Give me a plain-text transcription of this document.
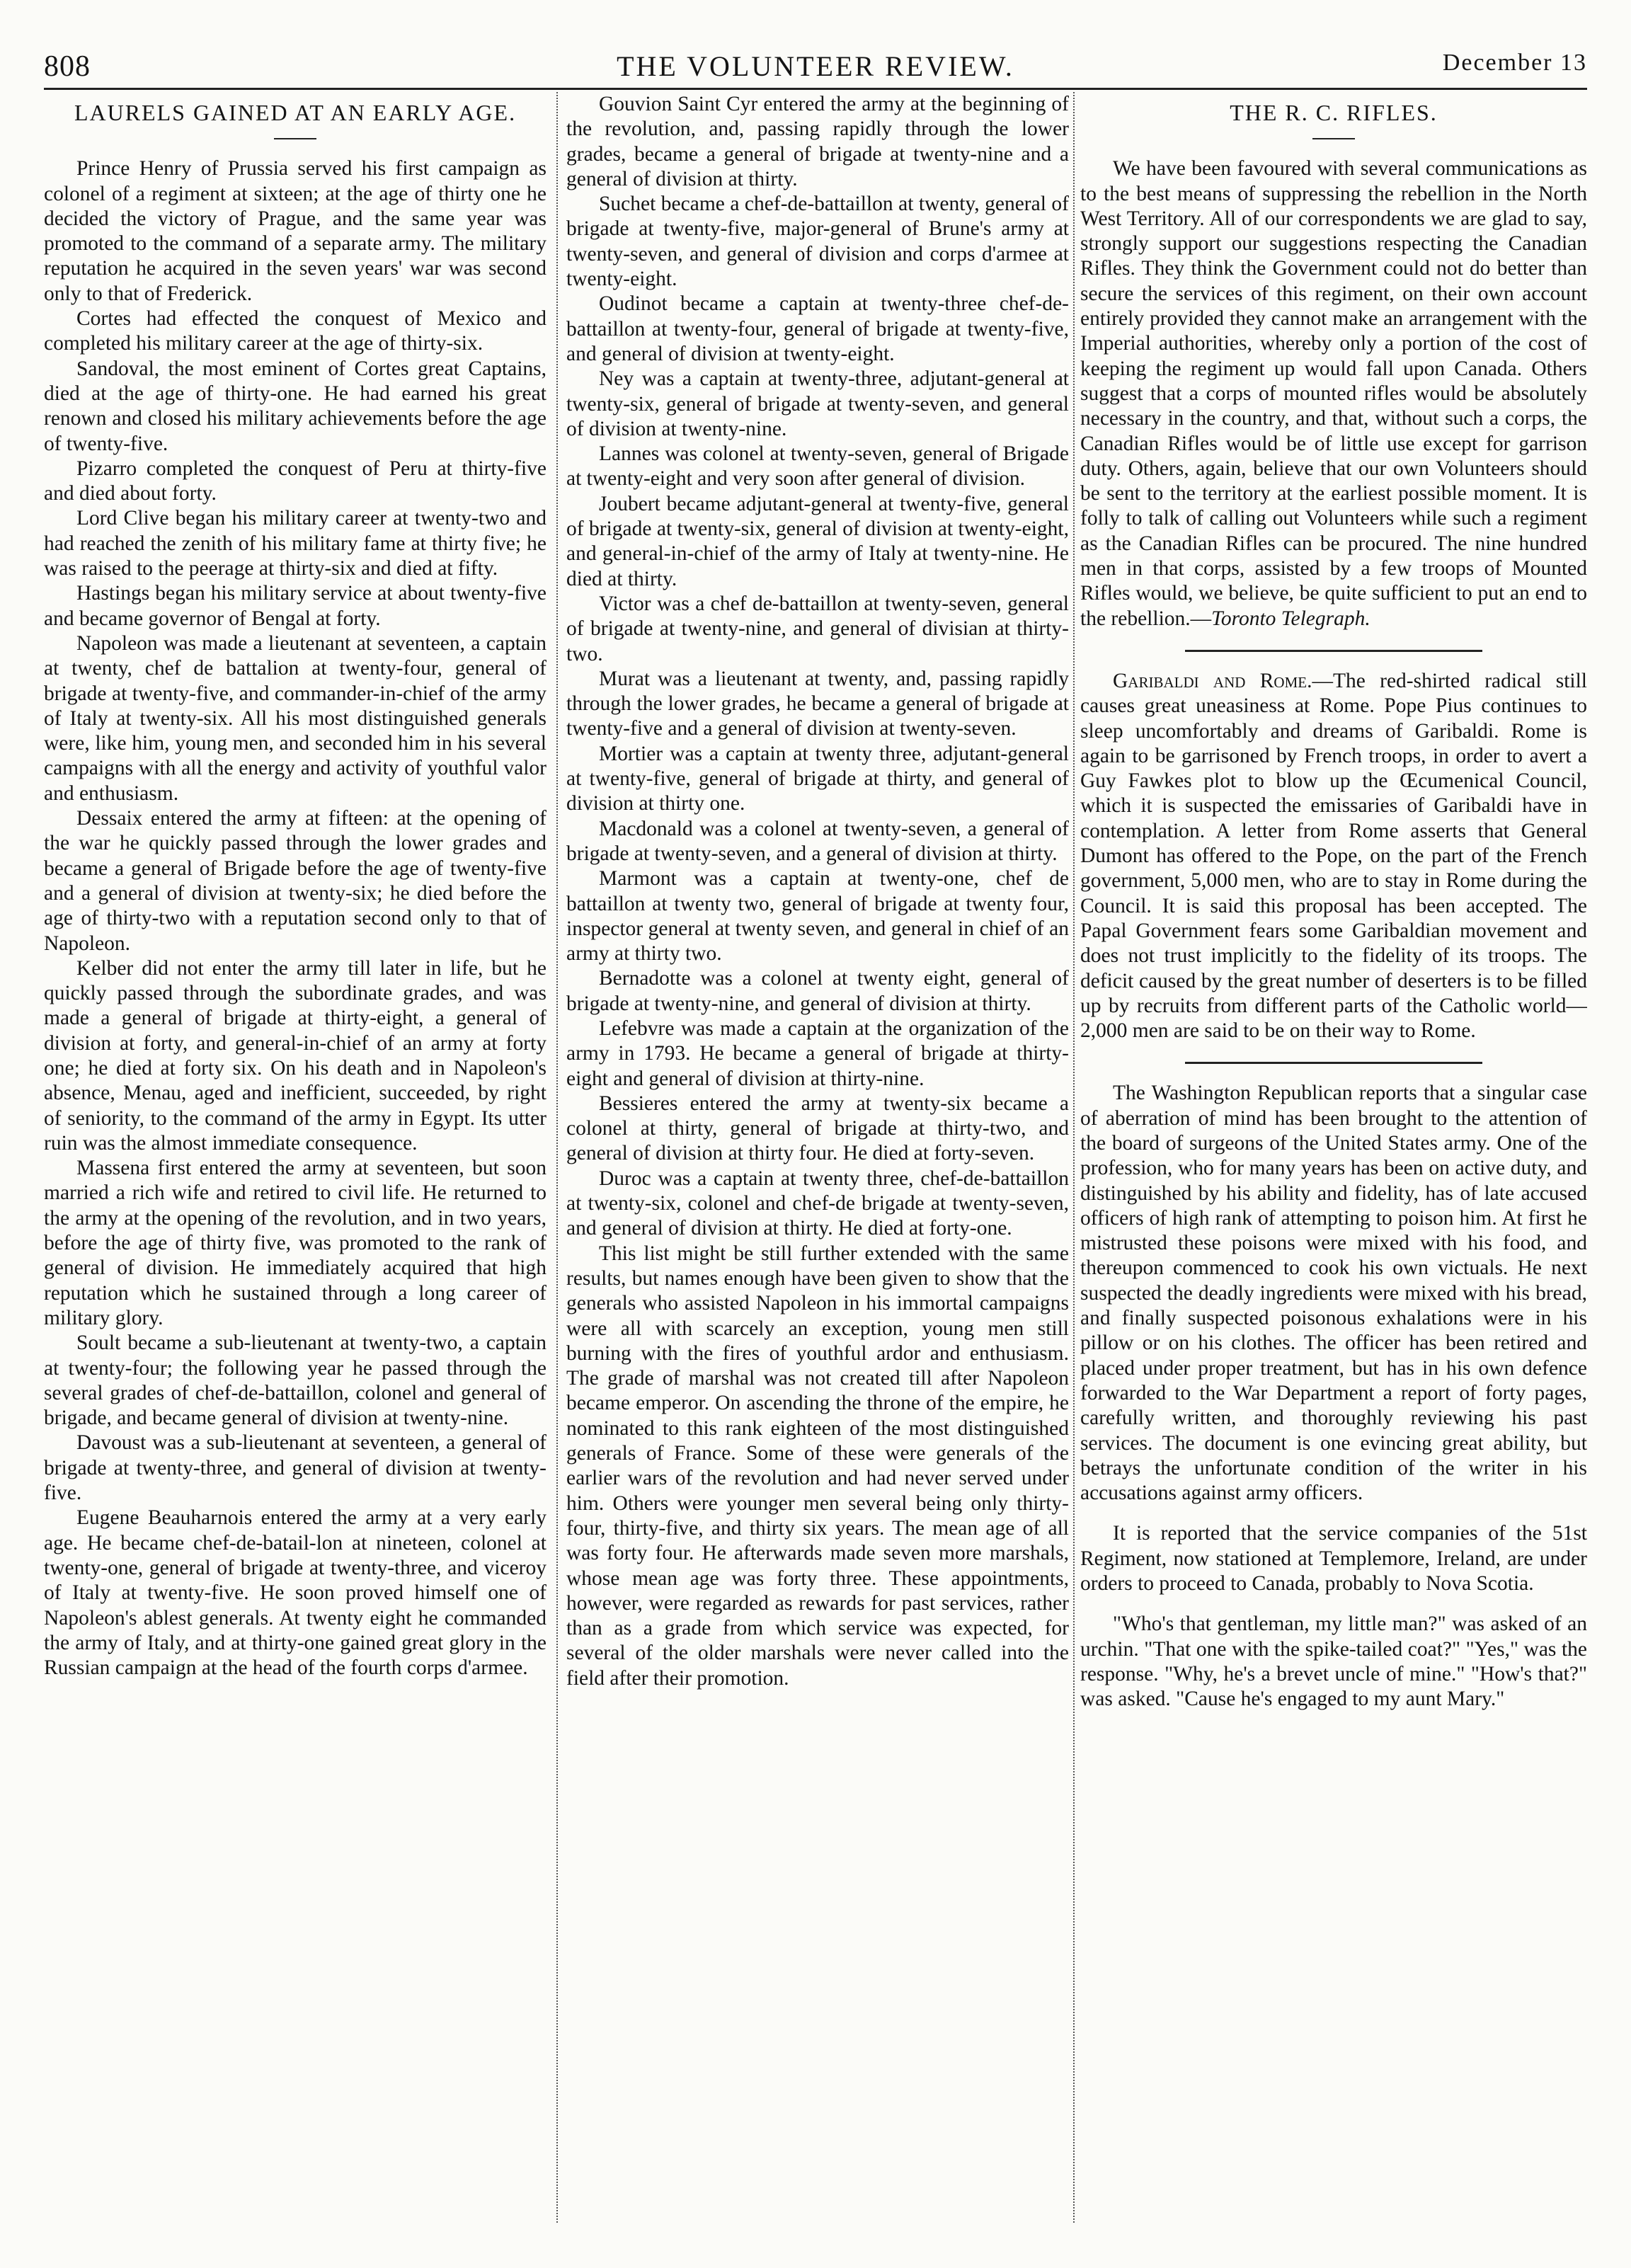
808	THE VOLUNTEER REVIEW.	December 13
LAURELS GAINED AT AN EARLY AGE.

Prince Henry of Prussia served his first campaign as colonel of a regiment at sixteen; at the age of thirty one he decided the victory of Prague, and the same year was promoted to the command of a separate army. The military reputation he acquired in the seven years' war was second only to that of Frederick.

Cortes had effected the conquest of Mexico and completed his military career at the age of thirty-six.

Sandoval, the most eminent of Cortes great Captains, died at the age of thirty-one. He had earned his great renown and closed his military achievements before the age of twenty-five.

Pizarro completed the conquest of Peru at thirty-five and died about forty.

Lord Clive began his military career at twenty-two and had reached the zenith of his military fame at thirty five; he was raised to the peerage at thirty-six and died at fifty.

Hastings began his military service at about twenty-five and became governor of Bengal at forty.

Napoleon was made a lieutenant at seventeen, a captain at twenty, chef de battalion at twenty-four, general of brigade at twenty-five, and commander-in-chief of the army of Italy at twenty-six. All his most distinguished generals were, like him, young men, and seconded him in his several campaigns with all the energy and activity of youthful valor and enthusiasm.

Dessaix entered the army at fifteen: at the opening of the war he quickly passed through the lower grades and became a general of Brigade before the age of twenty-five and a general of division at twenty-six; he died before the age of thirty-two with a reputation second only to that of Napoleon.

Kelber did not enter the army till later in life, but he quickly passed through the subordinate grades, and was made a general of brigade at thirty-eight, a general of division at forty, and general-in-chief of an army at forty one; he died at forty six. On his death and in Napoleon's absence, Menau, aged and inefficient, succeeded, by right of seniority, to the command of the army in Egypt. Its utter ruin was the almost immediate consequence.

Massena first entered the army at seventeen, but soon married a rich wife and retired to civil life. He returned to the army at the opening of the revolution, and in two years, before the age of thirty five, was promoted to the rank of general of division. He immediately acquired that high reputation which he sustained through a long career of military glory.

Soult became a sub-lieutenant at twenty-two, a captain at twenty-four; the following year he passed through the several grades of chef-de-battaillon, colonel and general of brigade, and became general of division at twenty-nine.

Davoust was a sub-lieutenant at seventeen, a general of brigade at twenty-three, and general of division at twenty-five.

Eugene Beauharnois entered the army at a very early age. He became chef-de-batail-lon at nineteen, colonel at twenty-one, general of brigade at twenty-three, and viceroy of Italy at twenty-five. He soon proved himself one of Napoleon's ablest generals. At twenty eight he commanded the army of Italy, and at thirty-one gained great glory in the Russian campaign at the head of the fourth corps d'armee.

Gouvion Saint Cyr entered the army at the beginning of the revolution, and, passing rapidly through the lower grades, became a general of brigade at twenty-nine and a general of division at thirty.

Suchet became a chef-de-battaillon at twenty, general of brigade at twenty-five, major-general of Brune's army at twenty-seven, and general of division and corps d'armee at twenty-eight.

Oudinot became a captain at twenty-three chef-de-battaillon at twenty-four, general of brigade at twenty-five, and general of division at twenty-eight.

Ney was a captain at twenty-three, adjutant-general at twenty-six, general of brigade at twenty-seven, and general of division at twenty-nine.

Lannes was colonel at twenty-seven, general of Brigade at twenty-eight and very soon after general of division.

Joubert became adjutant-general at twenty-five, general of brigade at twenty-six, general of division at twenty-eight, and general-in-chief of the army of Italy at twenty-nine. He died at thirty.

Victor was a chef de-battaillon at twenty-seven, general of brigade at twenty-nine, and general of divisian at thirty-two.

Murat was a lieutenant at twenty, and, passing rapidly through the lower grades, he became a general of brigade at twenty-five and a general of division at twenty-seven.

Mortier was a captain at twenty three, adjutant-general at twenty-five, general of brigade at thirty, and general of division at thirty one.

Macdonald was a colonel at twenty-seven, a general of brigade at twenty-seven, and a general of division at thirty.

Marmont was a captain at twenty-one, chef de battaillon at twenty two, general of brigade at twenty four, inspector general at twenty seven, and general in chief of an army at thirty two.

Bernadotte was a colonel at twenty eight, general of brigade at twenty-nine, and general of division at thirty.

Lefebvre was made a captain at the organization of the army in 1793. He became a general of brigade at thirty-eight and general of division at thirty-nine.

Bessieres entered the army at twenty-six became a colonel at thirty, general of brigade at thirty-two, and general of division at thirty four. He died at forty-seven.

Duroc was a captain at twenty three, chef-de-battaillon at twenty-six, colonel and chef-de brigade at twenty-seven, and general of division at thirty. He died at forty-one.

This list might be still further extended with the same results, but names enough have been given to show that the generals who assisted Napoleon in his immortal campaigns were all with scarcely an exception, young men still burning with the fires of youthful ardor and enthusiasm. The grade of marshal was not created till after Napoleon became emperor. On ascending the throne of the empire, he nominated to this rank eighteen of the most distinguished generals of France. Some of these were generals of the earlier wars of the revolution and had never served under him. Others were younger men several being only thirty-four, thirty-five, and thirty six years. The mean age of all was forty four. He afterwards made seven more marshals, whose mean age was forty three. These appointments, however, were regarded as rewards for past services, rather than as a grade from which service was expected, for several of the older marshals were never called into the field after their promotion.

THE R. C. RIFLES.

We have been favoured with several communications as to the best means of suppressing the rebellion in the North West Territory. All of our correspondents we are glad to say, strongly support our suggestions respecting the Canadian Rifles. They think the Government could not do better than secure the services of this regiment, on their own account entirely provided they cannot make an arrangement with the Imperial authorities, whereby only a portion of the cost of keeping the regiment up would fall upon Canada. Others suggest that a corps of mounted rifles would be absolutely necessary in the country, and that, without such a corps, the Canadian Rifles would be of little use except for garrison duty. Others, again, believe that our own Volunteers should be sent to the territory at the earliest possible moment. It is folly to talk of calling out Volunteers while such a regiment as the Canadian Rifles can be procured. The nine hundred men in that corps, assisted by a few troops of Mounted Rifles would, we believe, be quite sufficient to put an end to the rebellion.—Toronto Telegraph.

Garibaldi and Rome.—The red-shirted radical still causes great uneasiness at Rome. Pope Pius continues to sleep uncomfortably and dreams of Garibaldi. Rome is again to be garrisoned by French troops, in order to avert a Guy Fawkes plot to blow up the Œcumenical Council, which it is suspected the emissaries of Garibaldi have in contemplation. A letter from Rome asserts that General Dumont has offered to the Pope, on the part of the French government, 5,000 men, who are to stay in Rome during the Council. It is said this proposal has been accepted. The Papal Government fears some Garibaldian movement and does not trust implicitly to the fidelity of its troops. The deficit caused by the great number of deserters is to be filled up by recruits from different parts of the Catholic world—2,000 men are said to be on their way to Rome.

The Washington Republican reports that a singular case of aberration of mind has been brought to the attention of the board of surgeons of the United States army. One of the profession, who for many years has been on active duty, and distinguished by his ability and fidelity, has of late accused officers of high rank of attempting to poison him. At first he mistrusted these poisons were mixed with his food, and thereupon commenced to cook his own victuals. He next suspected the deadly ingredients were mixed with his bread, and finally suspected poisonous exhalations were in his pillow or on his clothes. The officer has been retired and placed under proper treatment, but has in his own defence forwarded to the War Department a report of forty pages, carefully written, and thoroughly reviewing his past services. The document is one evincing great ability, but betrays the unfortunate condition of the writer in his accusations against army officers.

It is reported that the service companies of the 51st Regiment, now stationed at Templemore, Ireland, are under orders to proceed to Canada, probably to Nova Scotia.

"Who's that gentleman, my little man?" was asked of an urchin. "That one with the spike-tailed coat?" "Yes," was the response. "Why, he's a brevet uncle of mine." "How's that?" was asked. "Cause he's engaged to my aunt Mary."
